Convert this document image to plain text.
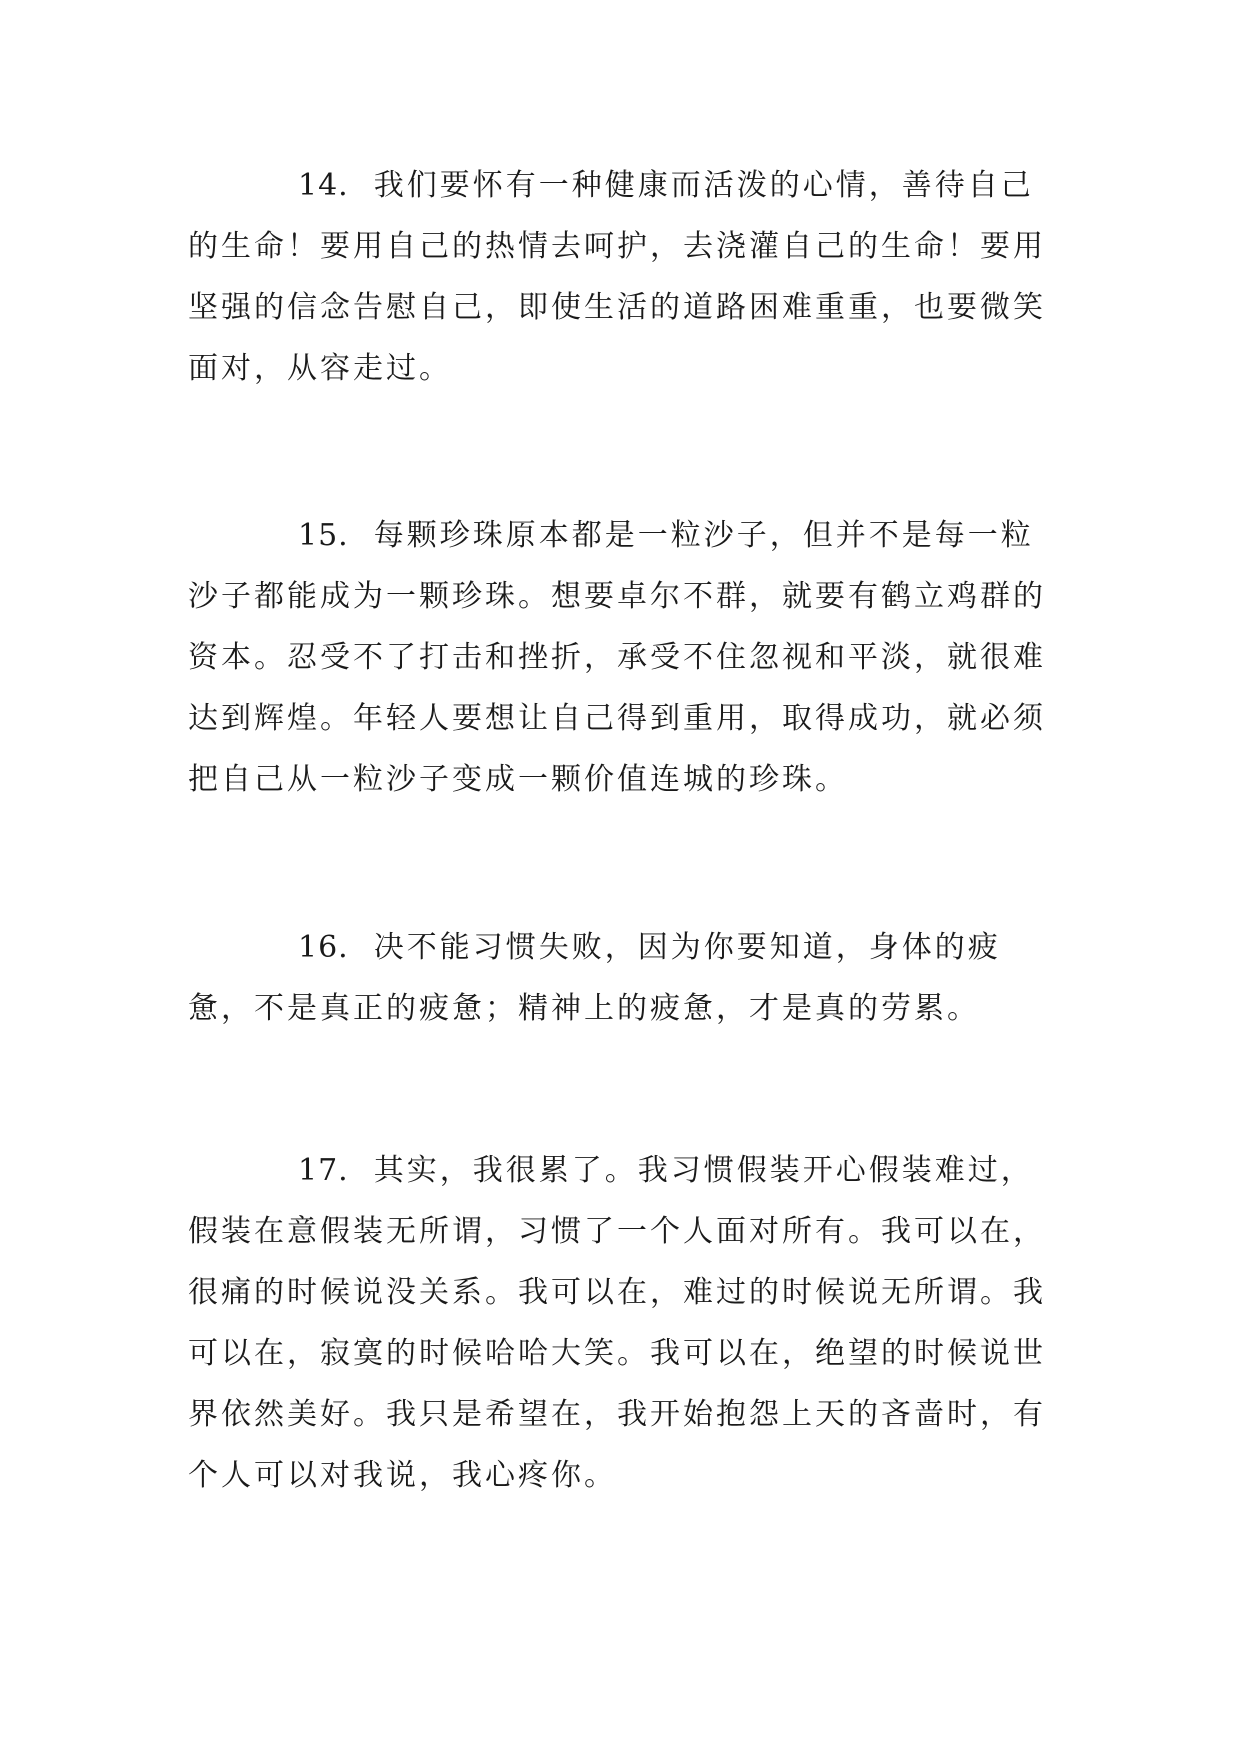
14. 我们要怀有一种健康而活泼的心情，善待自己的生命！要用自己的热情去呵护，去浇灌自己的生命！要用坚强的信念告慰自己，即使生活的道路困难重重，也要微笑面对，从容走过。

15. 每颗珍珠原本都是一粒沙子，但并不是每一粒沙子都能成为一颗珍珠。想要卓尔不群，就要有鹤立鸡群的资本。忍受不了打击和挫折，承受不住忽视和平淡，就很难达到辉煌。年轻人要想让自己得到重用，取得成功，就必须把自己从一粒沙子变成一颗价值连城的珍珠。

16. 决不能习惯失败，因为你要知道，身体的疲惫，不是真正的疲惫；精神上的疲惫，才是真的劳累。

17. 其实，我很累了。我习惯假装开心假装难过，假装在意假装无所谓，习惯了一个人面对所有。我可以在，很痛的时候说没关系。我可以在，难过的时候说无所谓。我可以在，寂寞的时候哈哈大笑。我可以在，绝望的时候说世界依然美好。我只是希望在，我开始抱怨上天的吝啬时，有个人可以对我说，我心疼你。
